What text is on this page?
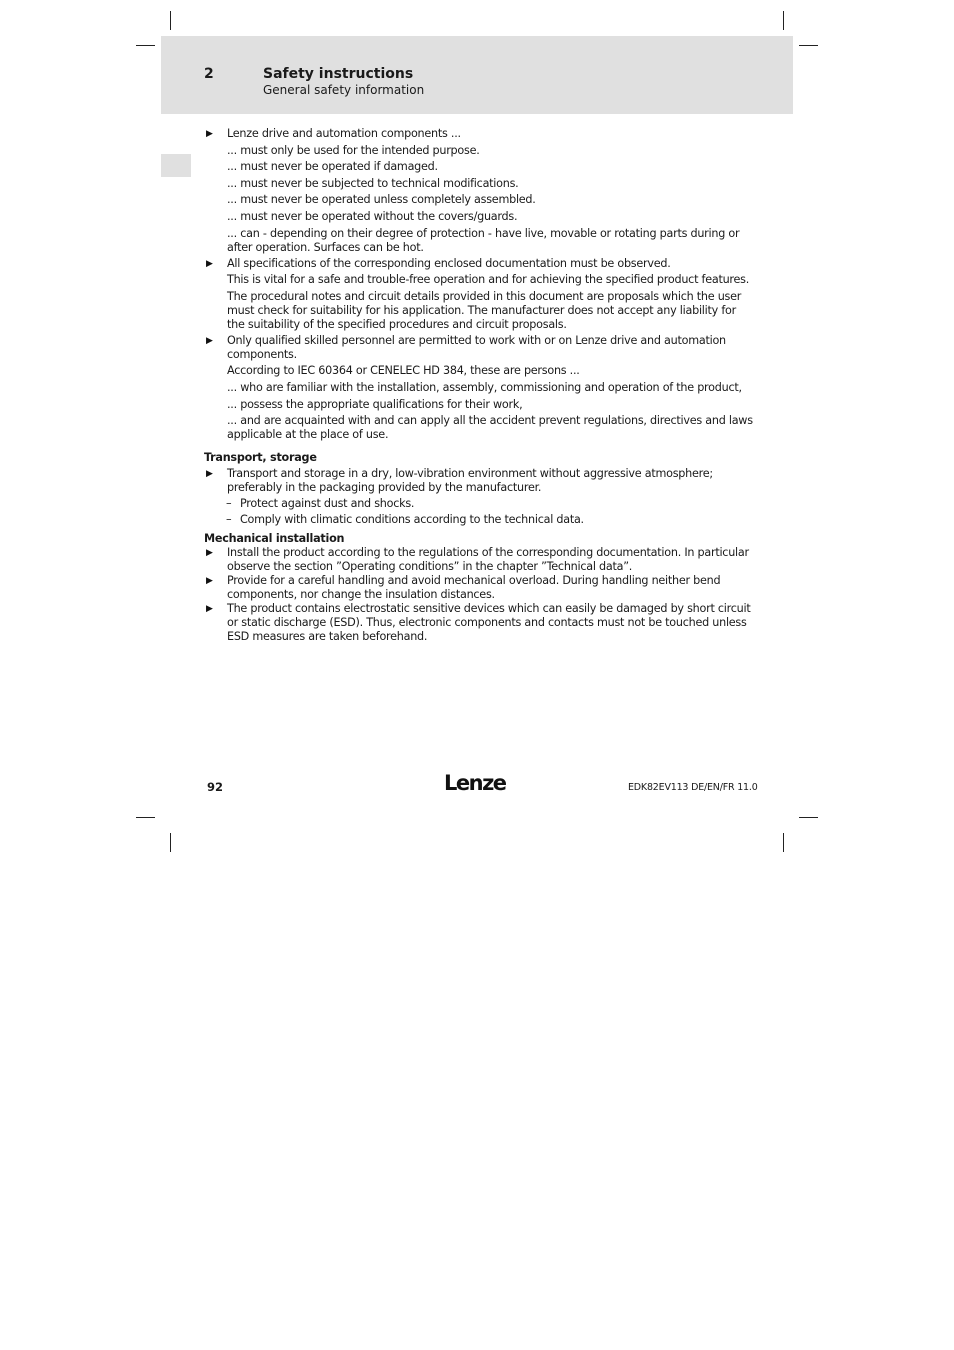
2	Safety instructions
General safety information
▶ Lenze drive and automation components ...
... must only be used for the intended purpose.
... must never be operated if damaged.
... must never be subjected to technical modifications.
... must never be operated unless completely assembled.
... must never be operated without the covers/guards.
... can - depending on their degree of protection - have live, movable or rotating parts during or after operation. Surfaces can be hot.
▶ All specifications of the corresponding enclosed documentation must be observed.
This is vital for a safe and trouble-free operation and for achieving the specified product features.
The procedural notes and circuit details provided in this document are proposals which the user must check for suitability for his application. The manufacturer does not accept any liability for the suitability of the specified procedures and circuit proposals.
▶ Only qualified skilled personnel are permitted to work with or on Lenze drive and automation components.
According to IEC 60364 or CENELEC HD 384, these are persons ...
... who are familiar with the installation, assembly, commissioning and operation of the product,
... possess the appropriate qualifications for their work,
... and are acquainted with and can apply all the accident prevent regulations, directives and laws applicable at the place of use.
Transport, storage
▶ Transport and storage in a dry, low-vibration environment without aggressive atmosphere; preferably in the packaging provided by the manufacturer.
– Protect against dust and shocks.
– Comply with climatic conditions according to the technical data.
Mechanical installation
▶ Install the product according to the regulations of the corresponding documentation. In particular observe the section ”Operating conditions” in the chapter ”Technical data”.
▶ Provide for a careful handling and avoid mechanical overload. During handling neither bend components, nor change the insulation distances.
▶ The product contains electrostatic sensitive devices which can easily be damaged by short circuit or static discharge (ESD). Thus, electronic components and contacts must not be touched unless ESD measures are taken beforehand.
92	Lenze	EDK82EV113 DE/EN/FR 11.0
